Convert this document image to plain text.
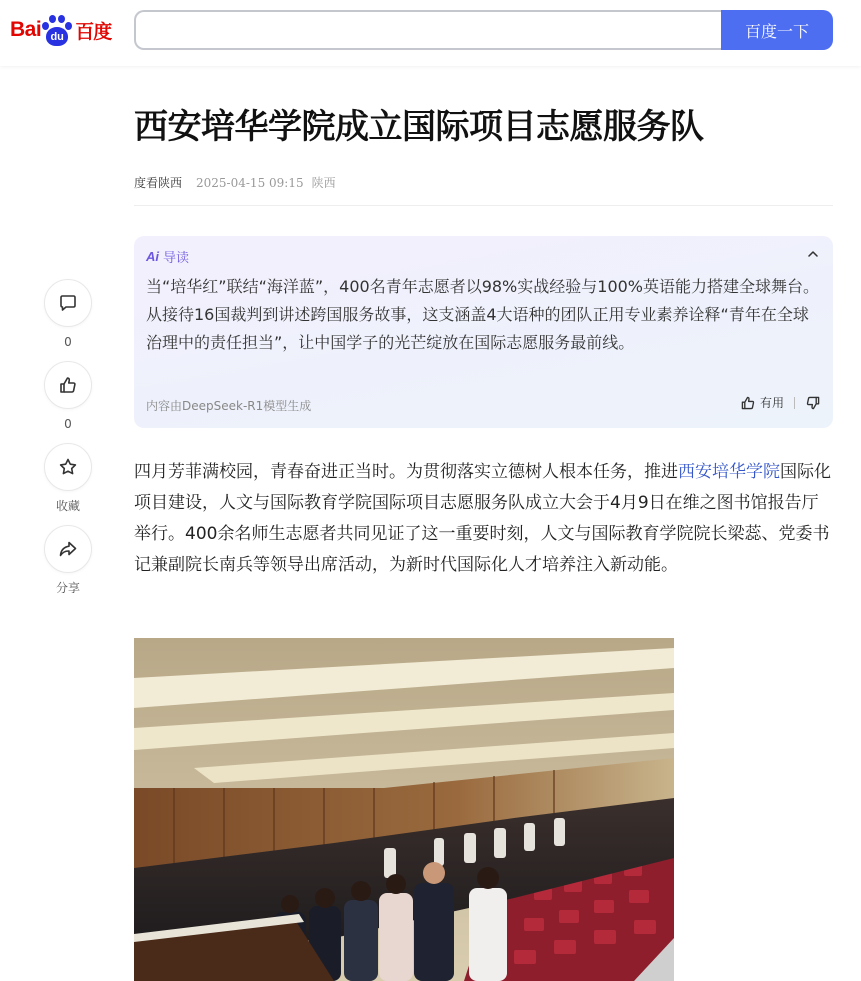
Bai du 百度	百度一下
0
0
收藏
分享
西安培华学院成立国际项目志愿服务队
度看陕西 2025-04-15 09:15 陕西
Ai 导读

当“培华红”联结“海洋蓝”，400名青年志愿者以98%实战经验与100%英语能力搭建全球舞台。从接待16国裁判到讲述跨国服务故事，这支涵盖4大语种的团队正用专业素养诠释“青年在全球治理中的责任担当”，让中国学子的光芒绽放在国际志愿服务最前线。

内容由DeepSeek-R1模型生成	有用

四月芳菲满校园，青春奋进正当时。为贯彻落实立德树人根本任务，推进西安培华学院国际化项目建设，人文与国际教育学院国际项目志愿服务队成立大会于4月9日在维之图书馆报告厅举行。400余名师生志愿者共同见证了这一重要时刻，人文与国际教育学院院长梁蕊、党委书记兼副院长南兵等领导出席活动，为新时代国际化人才培养注入新动能。
